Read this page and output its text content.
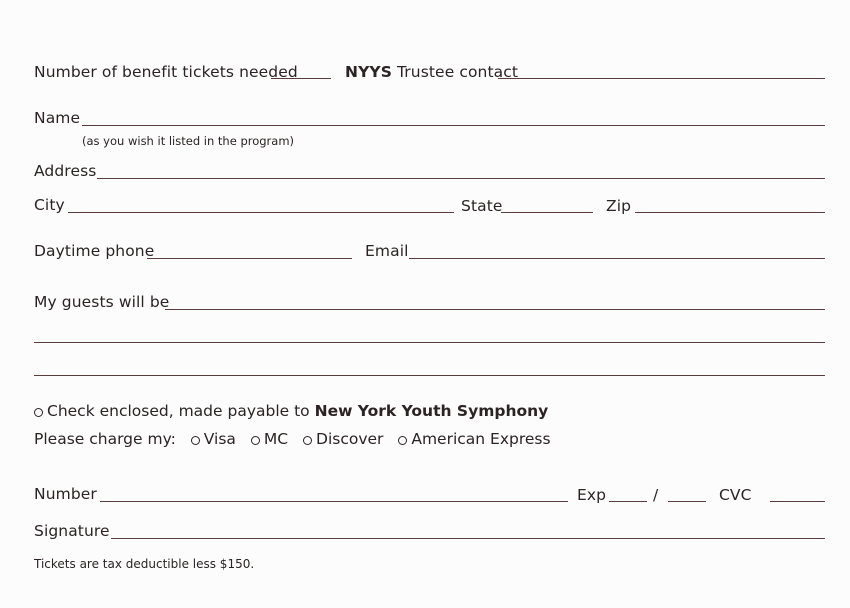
Number of benefit tickets needed	NYYS Trustee contact
Name
(as you wish it listed in the program)
Address
City	State	Zip
Daytime phone	Email
My guests will be
Check enclosed, made payable to New York Youth Symphony
Please charge my: Visa MC Discover American Express
Number	Exp	/	CVC
Signature
Tickets are tax deductible less $150.
